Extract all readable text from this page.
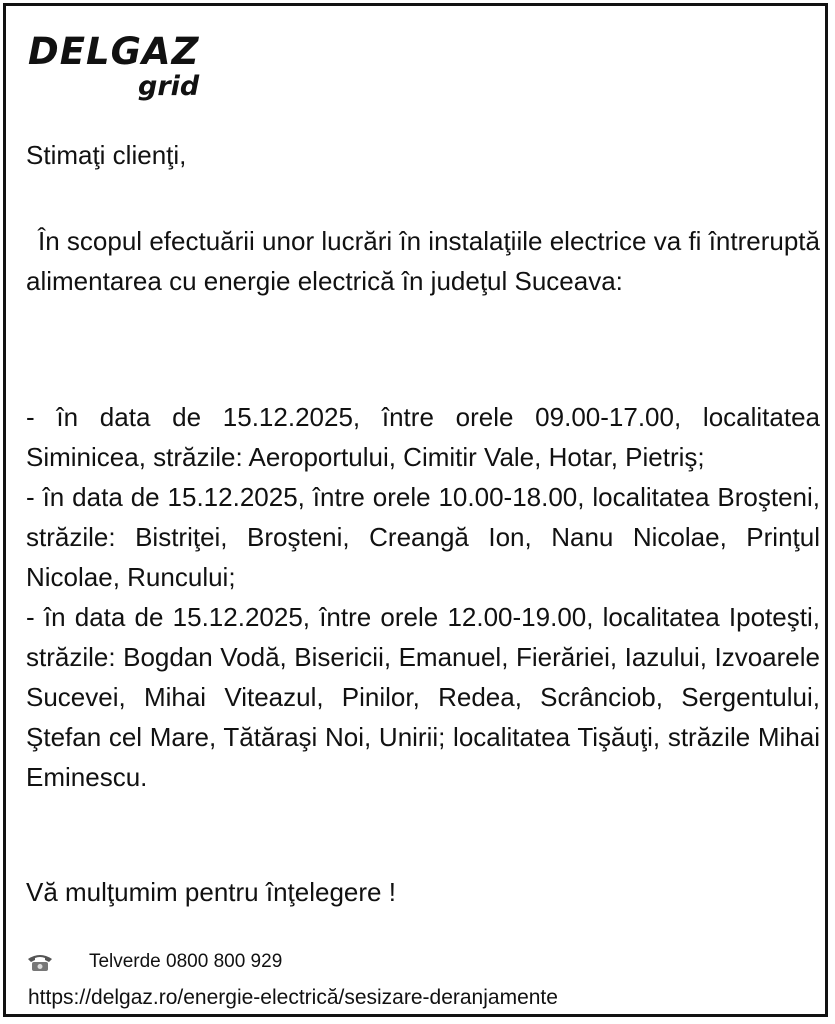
DELGAZ
grid

Stimaţi clienţi,

În scopul efectuării unor lucrări în instalaţiile electrice va fi întreruptă alimentarea cu energie electrică în judeţul Suceava:

- în data de 15.12.2025, între orele 09.00-17.00, localitatea Siminicea, străzile: Aeroportului, Cimitir Vale, Hotar, Pietriş;

- în data de 15.12.2025, între orele 10.00-18.00, localitatea Broşteni, străzile: Bistriţei, Broşteni, Creangă Ion, Nanu Nicolae, Prinţul Nicolae, Runcului;

- în data de 15.12.2025, între orele 12.00-19.00, localitatea Ipoteşti, străzile: Bogdan Vodă, Bisericii, Emanuel, Fierăriei, Iazului, Izvoarele Sucevei, Mihai Viteazul, Pinilor, Redea, Scrânciob, Sergentului, Ştefan cel Mare, Tătăraşi Noi, Unirii; localitatea Tişăuţi, străzile Mihai Eminescu.

Vă mulţumim pentru înţelegere !

Telverde 0800 800 929
https://delgaz.ro/energie-electrică/sesizare-deranjamente
